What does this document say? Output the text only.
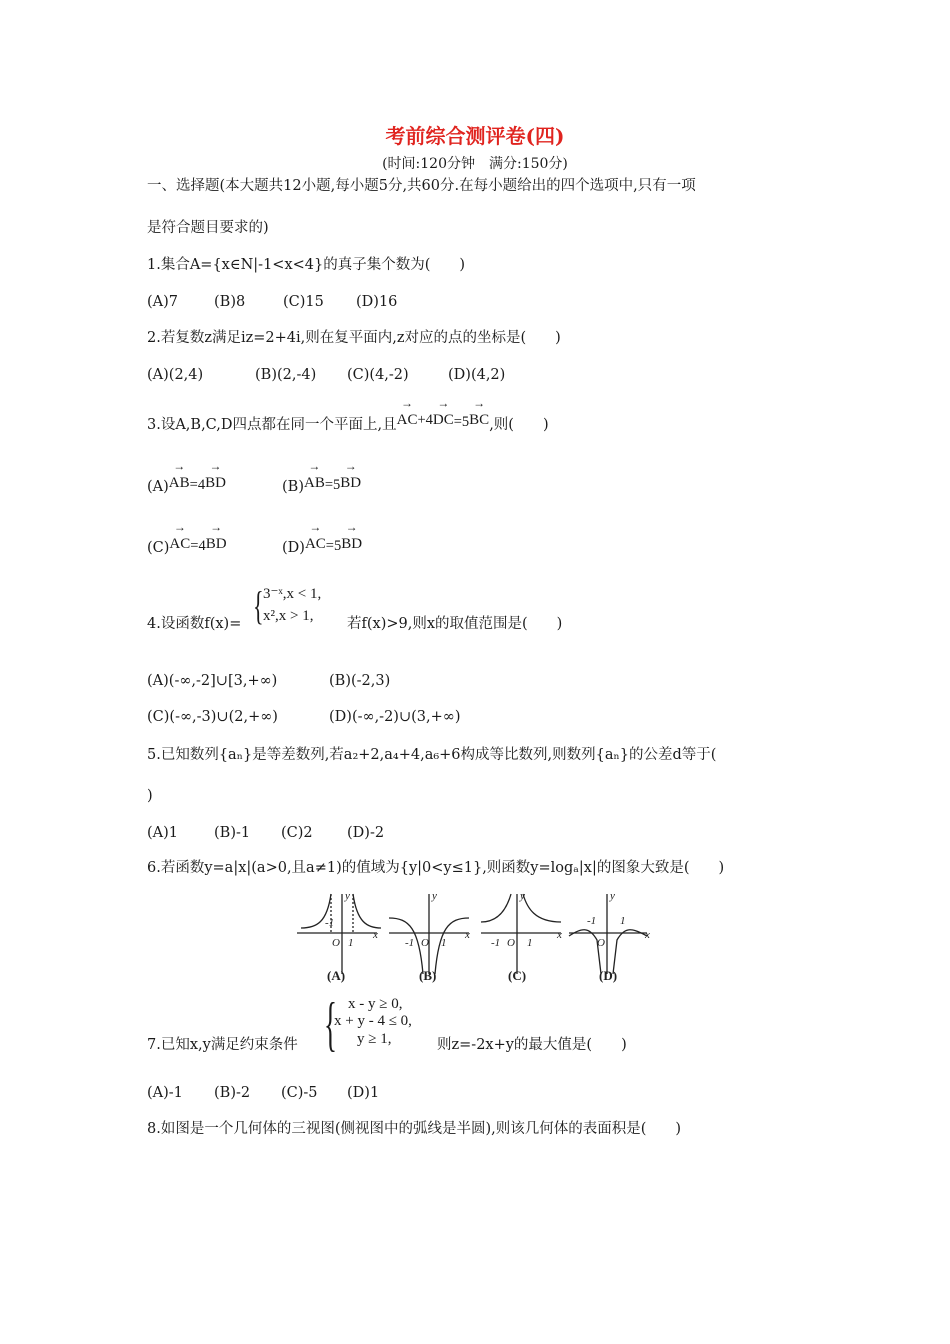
考前综合测评卷(四)
(时间:120分钟　满分:150分)
一、选择题(本大题共12小题,每小题5分,共60分.在每小题给出的四个选项中,只有一项
是符合题目要求的)
1.集合A={x∈N|-1<x<4}的真子集个数为(　　)
(A)7 (B)8	(C)15 (D)16
2.若复数z满足iz=2+4i,则在复平面内,z对应的点的坐标是(　　)
(A)(2,4)	(B)(2,-4) (C)(4,-2)	(D)(4,2)
3.设A,B,C,D四点都在同一个平面上,且→ AC+4→ DC=5→ BC,则(　　)
(A)→ AB=4→ BD	(B)→ AB=5→ BD
(C)→ AC=4→ BD	(D)→ AC=5→ BD
4.设函数f(x)= { 3⁻ˣ,x < 1,
x²,x > 1, 若f(x)>9,则x的取值范围是(　　)
(A)(-∞,-2]∪[3,+∞)	(B)(-2,3)
(C)(-∞,-3)∪(2,+∞)	(D)(-∞,-2)∪(3,+∞)
5.已知数列{aₙ}是等差数列,若a₂+2,a₄+4,a₆+6构成等比数列,则数列{aₙ}的公差d等于(
)
(A)1 (B)-1 (C)2 (D)-2
6.若函数y=a|x|(a>0,且a≠1)的值域为{y|0<y≤1},则函数y=logₐ|x|的图象大致是(　　)
-1
O 1
x
y
-1 O 1
x
y
-1 O 1
x
y
-1
O
1
x
y
(A)	(B)	(C)	(D)
7.已知x,y满足约束条件 { x - y ≥ 0,
x + y - 4 ≤ 0,
y ≥ 1,	则z=-2x+y的最大值是(　　)
(A)-1 (B)-2 (C)-5 (D)1
8.如图是一个几何体的三视图(侧视图中的弧线是半圆),则该几何体的表面积是(　　)
